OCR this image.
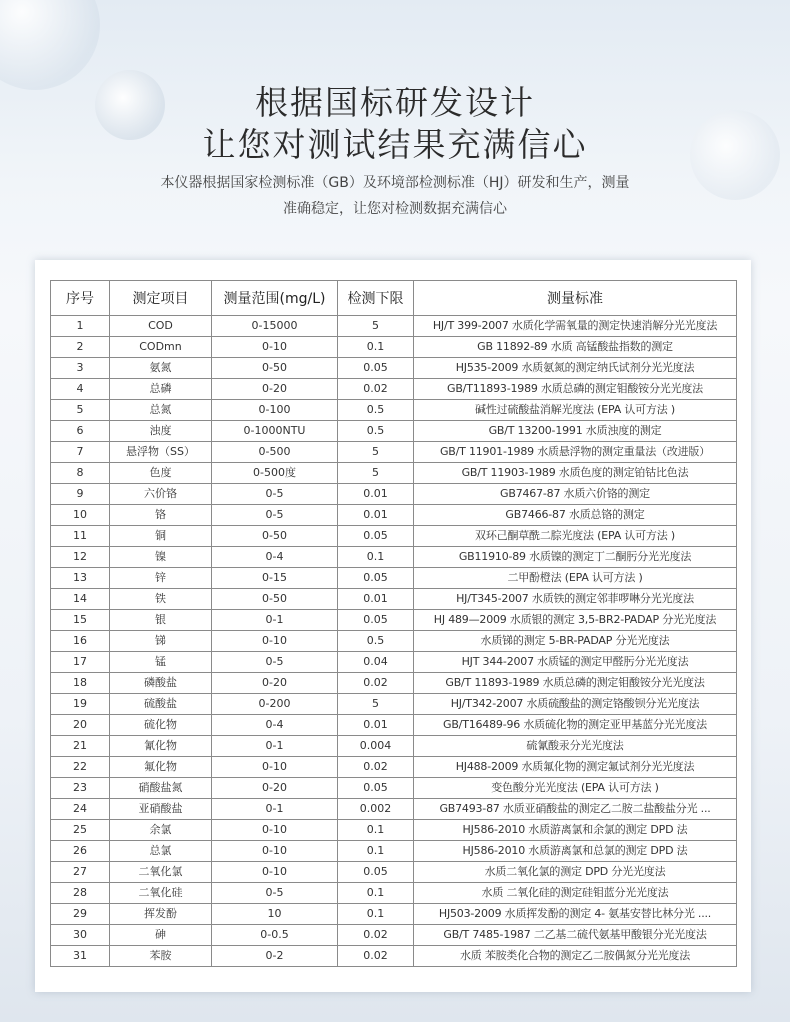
根据国标研发设计
让您对测试结果充满信心
本仪器根据国家检测标准（GB）及环境部检测标准（HJ）研发和生产，测量
准确稳定，让您对检测数据充满信心
序号	测定项目	测量范围(mg/L)	检测下限	测量标准
1	COD	0-15000	5	HJ/T 399-2007 水质化学需氧量的测定快速消解分光光度法
2	CODmn	0-10	0.1	GB 11892-89 水质 高锰酸盐指数的测定
3	氨氮	0-50	0.05	HJ535-2009 水质氨氮的测定纳氏试剂分光光度法
4	总磷	0-20	0.02	GB/T11893-1989 水质总磷的测定钼酸铵分光光度法
5	总氮	0-100	0.5	碱性过硫酸盐消解光度法 (EPA 认可方法 )
6	浊度	0-1000NTU	0.5	GB/T 13200-1991 水质浊度的测定
7	悬浮物（SS）	0-500	5	GB/T 11901-1989 水质悬浮物的测定重量法（改进版）
8	色度	0-500度	5	GB/T 11903-1989 水质色度的测定铂钴比色法
9	六价铬	0-5	0.01	GB7467-87 水质六价铬的测定
10	铬	0-5	0.01	GB7466-87 水质总铬的测定
11	铜	0-50	0.05	双环己酮草酰二腙光度法 (EPA 认可方法 )
12	镍	0-4	0.1	GB11910-89 水质镍的测定丁二酮肟分光光度法
13	锌	0-15	0.05	二甲酚橙法 (EPA 认可方法 )
14	铁	0-50	0.01	HJ/T345-2007 水质铁的测定邻菲啰啉分光光度法
15	银	0-1	0.05	HJ 489—2009 水质银的测定 3,5-BR2-PADAP 分光光度法
16	锑	0-10	0.5	水质锑的测定 5-BR-PADAP 分光光度法
17	锰	0-5	0.04	HJT 344-2007 水质锰的测定甲醛肟分光光度法
18	磷酸盐	0-20	0.02	GB/T 11893-1989 水质总磷的测定钼酸铵分光光度法
19	硫酸盐	0-200	5	HJ/T342-2007 水质硫酸盐的测定铬酸钡分光光度法
20	硫化物	0-4	0.01	GB/T16489-96 水质硫化物的测定亚甲基蓝分光光度法
21	氰化物	0-1	0.004	硫氰酸汞分光光度法
22	氟化物	0-10	0.02	HJ488-2009 水质氟化物的测定氟试剂分光光度法
23	硝酸盐氮	0-20	0.05	变色酸分光光度法 (EPA 认可方法 )
24	亚硝酸盐	0-1	0.002	GB7493-87 水质亚硝酸盐的测定乙二胺二盐酸盐分光 ...
25	余氯	0-10	0.1	HJ586-2010 水质游离氯和余氯的测定 DPD 法
26	总氯	0-10	0.1	HJ586-2010 水质游离氯和总氯的测定 DPD 法
27	二氧化氯	0-10	0.05	水质二氧化氯的测定 DPD 分光光度法
28	二氧化硅	0-5	0.1	水质 二氧化硅的测定硅钼蓝分光光度法
29	挥发酚	10	0.1	HJ503-2009 水质挥发酚的测定 4- 氨基安替比林分光 ....
30	砷	0-0.5	0.02	GB/T 7485-1987 二乙基二硫代氨基甲酸银分光光度法
31	苯胺	0-2	0.02	水质 苯胺类化合物的测定乙二胺偶氮分光光度法
